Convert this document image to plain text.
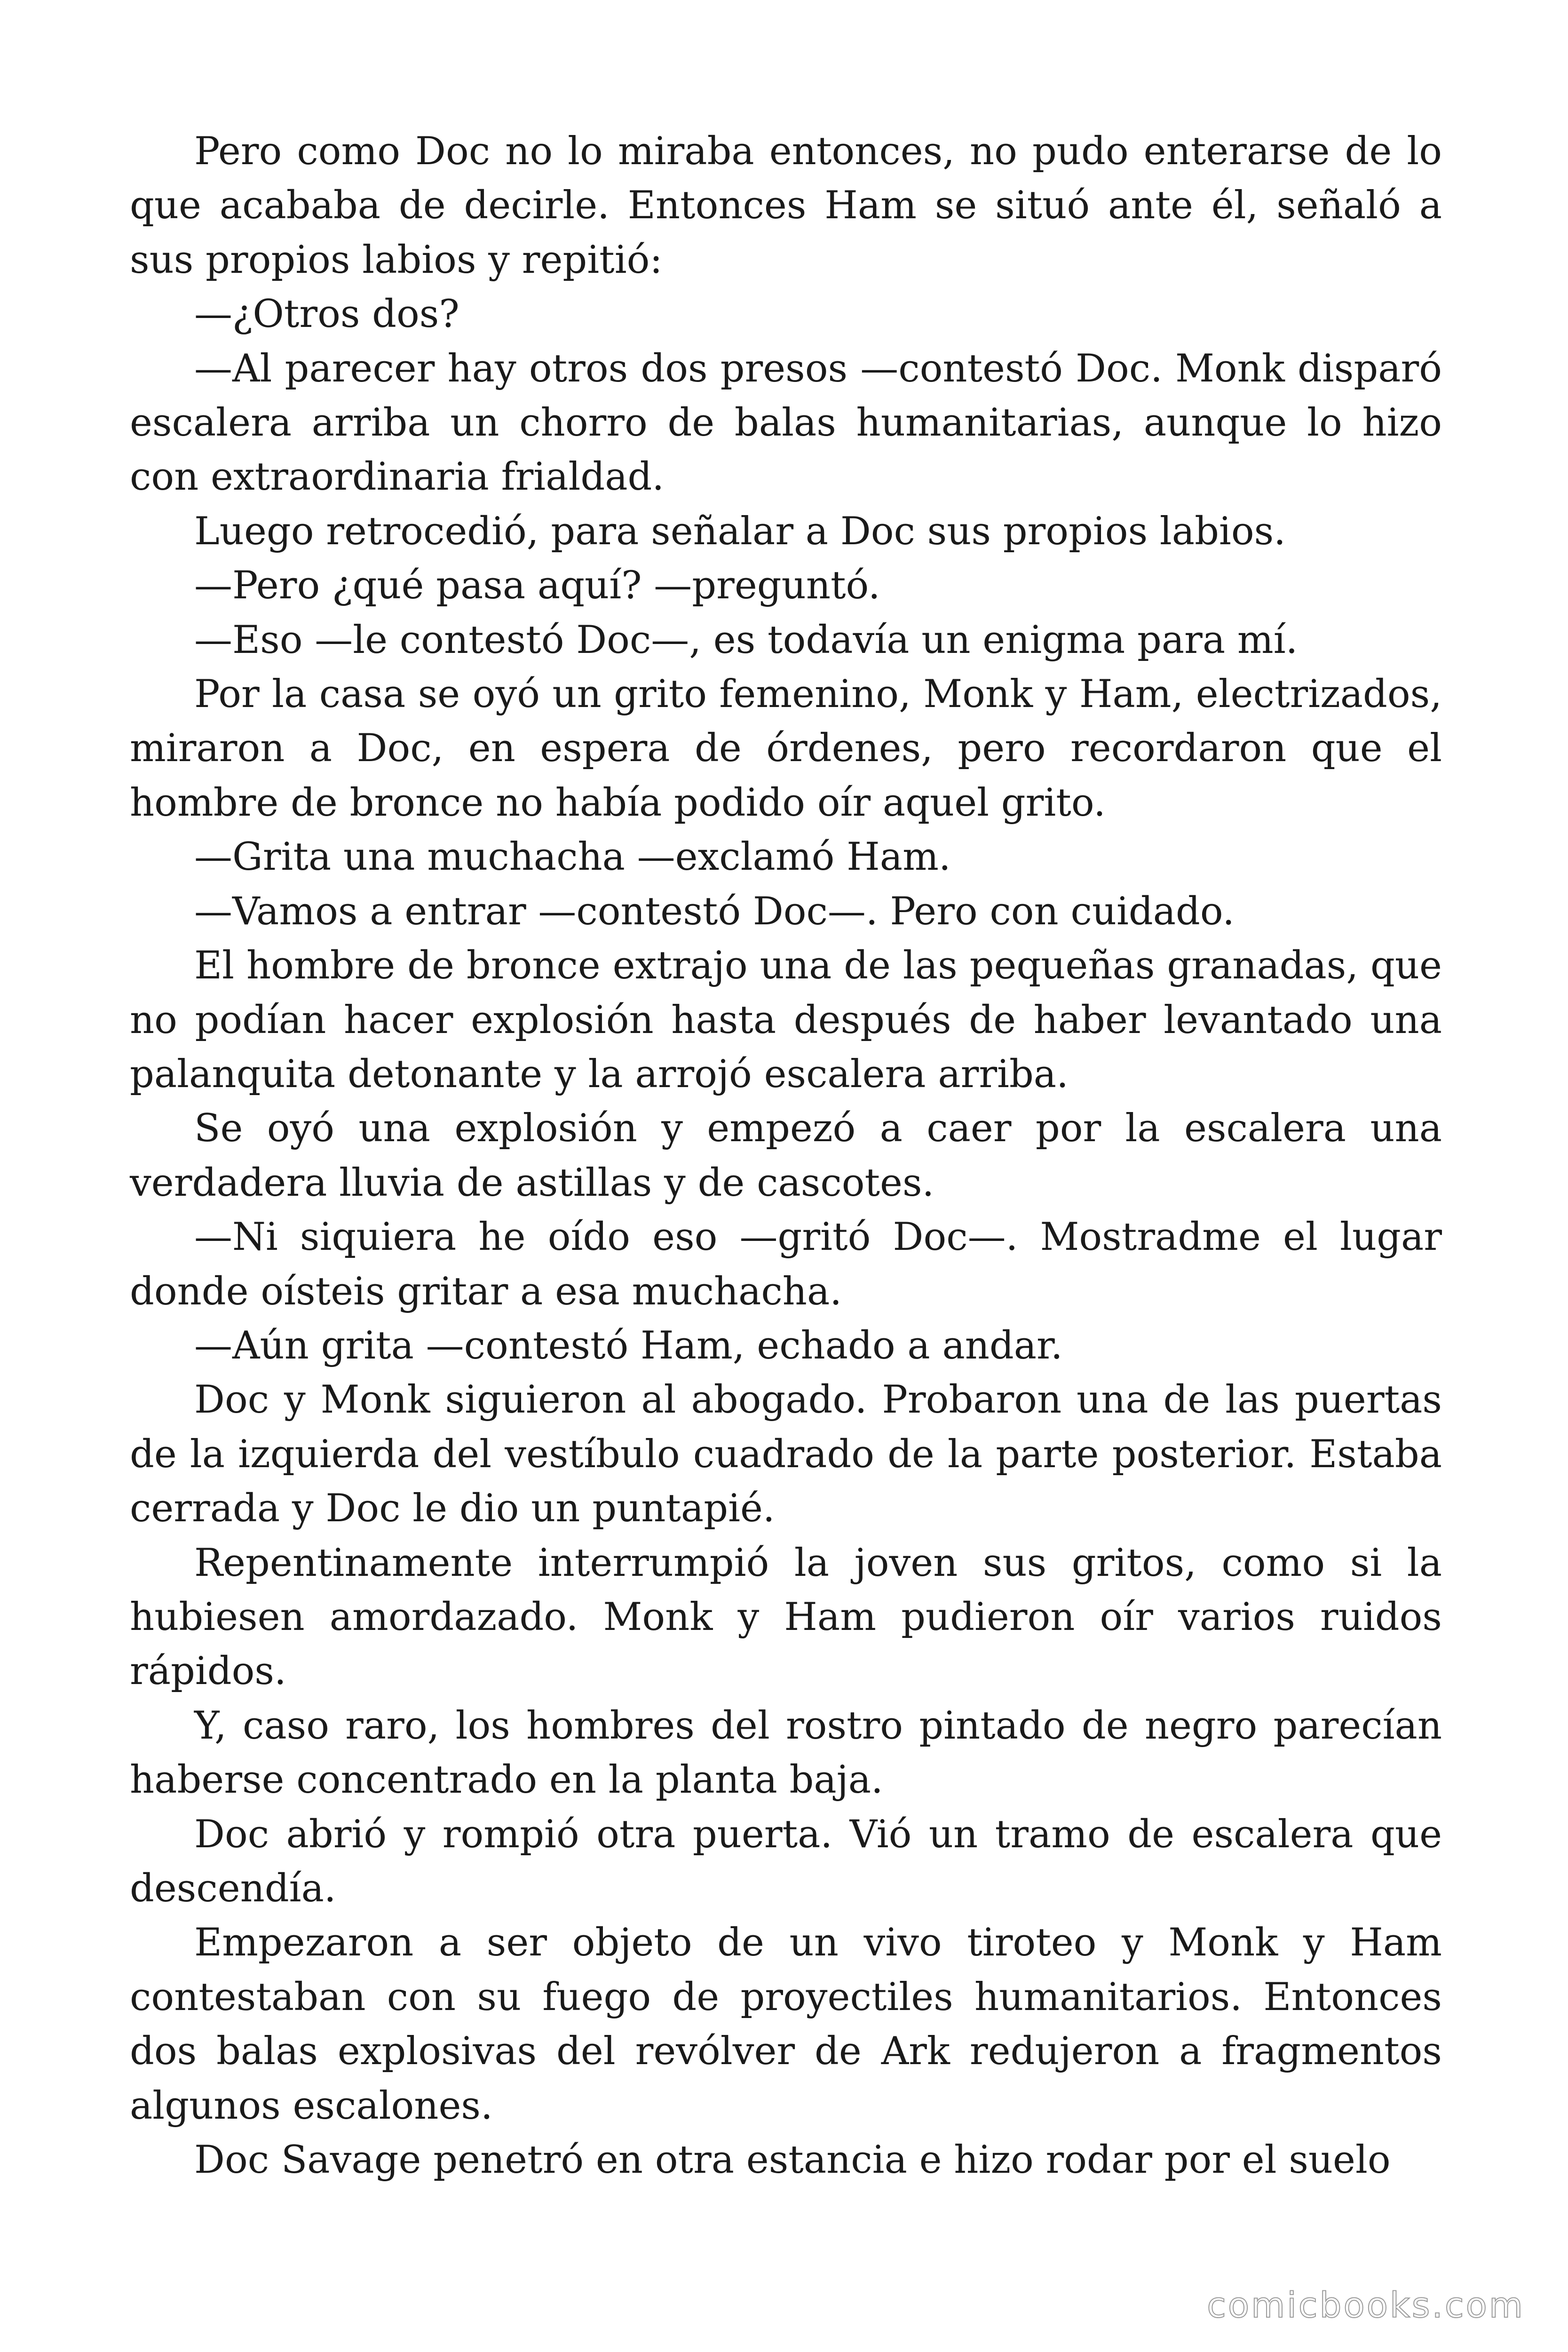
Pero como Doc no lo miraba entonces, no pudo enterarse de lo que acababa de decirle. Entonces Ham se situó ante él, señaló a sus propios labios y repitió:

—¿Otros dos?

—Al parecer hay otros dos presos —contestó Doc. Monk disparó escalera arriba un chorro de balas humanitarias, aunque lo hizo con extraordinaria frialdad.

Luego retrocedió, para señalar a Doc sus propios labios.

—Pero ¿qué pasa aquí? —preguntó.

—Eso —le contestó Doc—, es todavía un enigma para mí.

Por la casa se oyó un grito femenino, Monk y Ham, electrizados, miraron a Doc, en espera de órdenes, pero recordaron que el hombre de bronce no había podido oír aquel grito.

—Grita una muchacha —exclamó Ham.

—Vamos a entrar —contestó Doc—. Pero con cuidado.

El hombre de bronce extrajo una de las pequeñas granadas, que no podían hacer explosión hasta después de haber levantado una palanquita detonante y la arrojó escalera arriba.

Se oyó una explosión y empezó a caer por la escalera una verdadera lluvia de astillas y de cascotes.

—Ni siquiera he oído eso —gritó Doc—. Mostradme el lugar donde oísteis gritar a esa muchacha.

—Aún grita —contestó Ham, echado a andar.

Doc y Monk siguieron al abogado. Probaron una de las puertas de la izquierda del vestíbulo cuadrado de la parte posterior. Estaba cerrada y Doc le dio un puntapié.

Repentinamente interrumpió la joven sus gritos, como si la hubiesen amordazado. Monk y Ham pudieron oír varios ruidos rápidos.

Y, caso raro, los hombres del rostro pintado de negro parecían haberse concentrado en la planta baja.

Doc abrió y rompió otra puerta. Vió un tramo de escalera que descendía.

Empezaron a ser objeto de un vivo tiroteo y Monk y Ham contestaban con su fuego de proyectiles humanitarios. Entonces dos balas explosivas del revólver de Ark redujeron a fragmentos algunos escalones.

Doc Savage penetró en otra estancia e hizo rodar por el suelo

comicbooks.com
